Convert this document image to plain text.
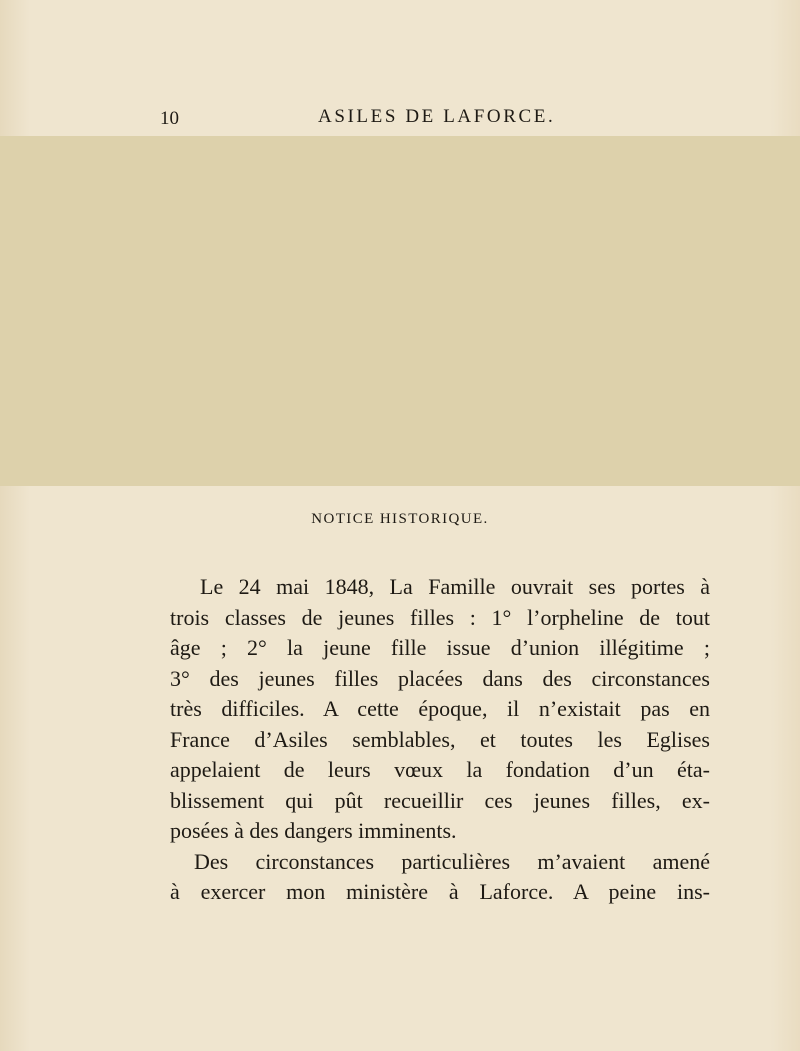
10	ASILES DE LAFORCE.
NOTICE HISTORIQUE.
Le 24 mai 1848, La Famille ouvrait ses portes à
trois classes de jeunes filles : 1° l’orpheline de tout
âge ; 2° la jeune fille issue d’union illégitime ;
3° des jeunes filles placées dans des circonstances
très difficiles. A cette époque, il n’existait pas en
France d’Asiles semblables, et toutes les Eglises
appelaient de leurs vœux la fondation d’un éta-
blissement qui pût recueillir ces jeunes filles, ex-
posées à des dangers imminents.
Des circonstances particulières m’avaient amené
à exercer mon ministère à Laforce. A peine ins-
